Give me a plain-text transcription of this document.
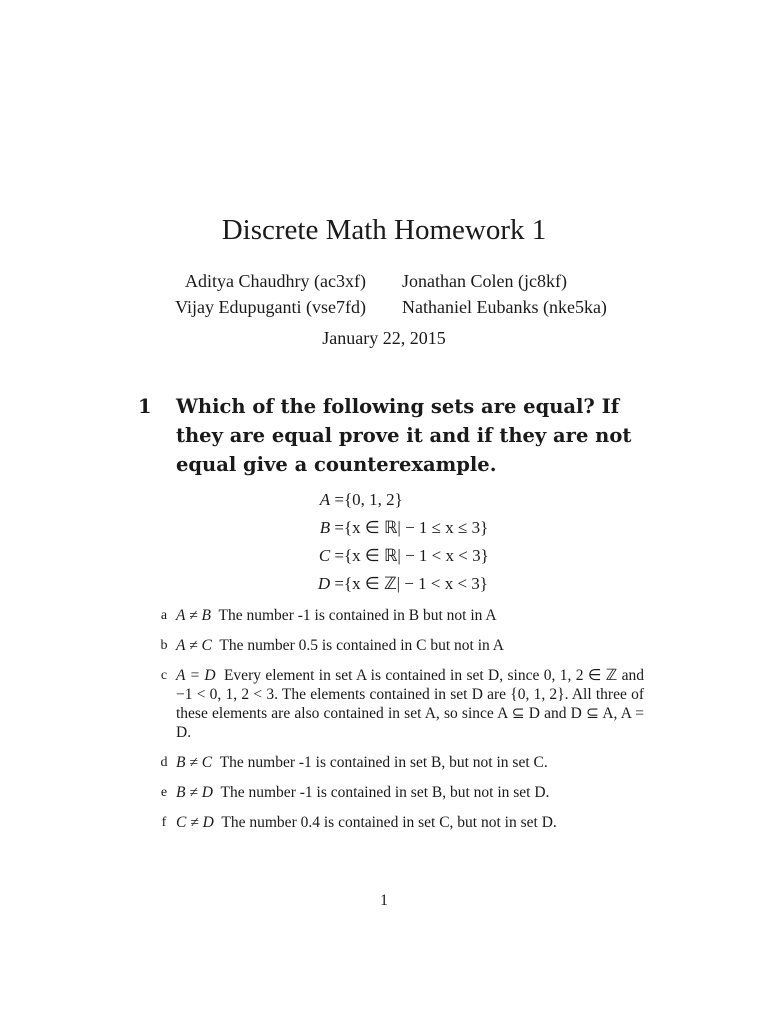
Discrete Math Homework 1
Aditya Chaudhry (ac3xf)	Jonathan Colen (jc8kf)
Vijay Edupuganti (vse7fd)	Nathaniel Eubanks (nke5ka)
January 22, 2015
1 Which of the following sets are equal? If they are equal prove it and if they are not equal give a counterexample.
A ={0, 1, 2}
B ={x ∈ ℝ| − 1 ≤ x ≤ 3}
C ={x ∈ ℝ| − 1 < x < 3}
D ={x ∈ ℤ| − 1 < x < 3}
a A ≠ B The number -1 is contained in B but not in A
b A ≠ C The number 0.5 is contained in C but not in A
c A = D Every element in set A is contained in set D, since 0, 1, 2 ∈ ℤ and −1 < 0, 1, 2 < 3. The elements contained in set D are {0, 1, 2}. All three of these elements are also contained in set A, so since A ⊆ D and D ⊆ A, A = D.
d B ≠ C The number -1 is contained in set B, but not in set C.
e B ≠ D The number -1 is contained in set B, but not in set D.
f C ≠ D The number 0.4 is contained in set C, but not in set D.
1
